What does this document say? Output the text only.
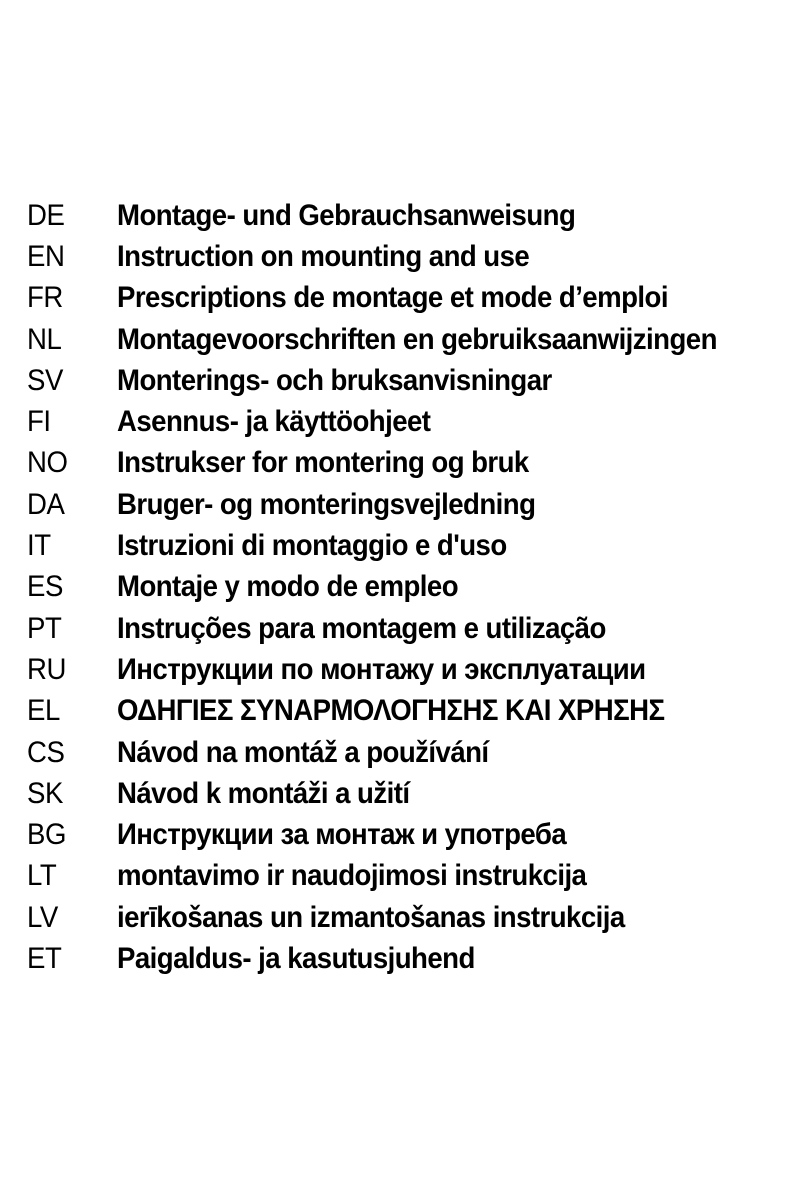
DE	Montage- und Gebrauchsanweisung
EN	Instruction on mounting and use
FR	Prescriptions de montage et mode d’emploi
NL	Montagevoorschriften en gebruiksaanwijzingen
SV	Monterings- och bruksanvisningar
FI	Asennus- ja käyttöohjeet
NO	Instrukser for montering og bruk
DA	Bruger- og monteringsvejledning
IT	Istruzioni di montaggio e d'uso
ES	Montaje y modo de empleo
PT	Instruções para montagem e utilização
RU	Инструкции по монтажу и эксплуатации
EL	ΟΔΗΓΙΕΣ ΣΥΝΑΡΜΟΛΟΓΗΣΗΣ ΚΑΙ ΧΡΗΣΗΣ
CS	Návod na montáž a používání
SK	Návod k montáži a užití
BG	Инструкции за монтаж и употреба
LT	montavimo ir naudojimosi instrukcija
LV	ierīkošanas un izmantošanas instrukcija
ET	Paigaldus- ja kasutusjuhend
